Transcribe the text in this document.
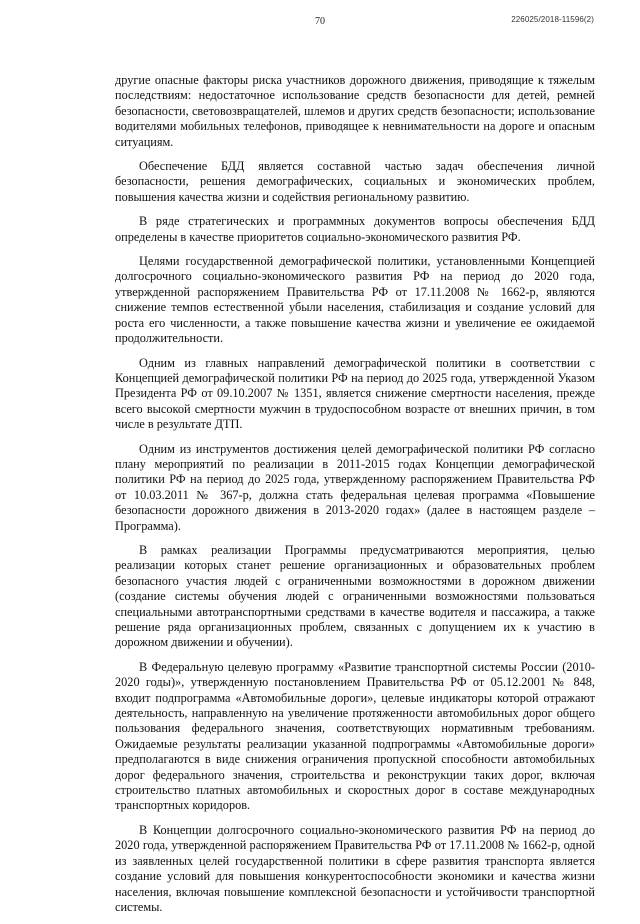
70	226025/2018-11596(2)

другие опасные факторы риска участников дорожного движения, приводящие к тяжелым последствиям: недостаточное использование средств безопасности для детей, ремней безопасности, световозвращателей, шлемов и других средств безопасности; использование водителями мобильных телефонов, приводящее к невнимательности на дороге и опасным ситуациям.

Обеспечение БДД является составной частью задач обеспечения личной безопасности, решения демографических, социальных и экономических проблем, повышения качества жизни и содействия региональному развитию.

В ряде стратегических и программных документов вопросы обеспечения БДД определены в качестве приоритетов социально-экономического развития РФ.

Целями государственной демографической политики, установленными Концепцией долгосрочного социально-экономического развития РФ на период до 2020 года, утвержденной распоряжением Правительства РФ от 17.11.2008 № 1662-р, являются снижение темпов естественной убыли населения, стабилизация и создание условий для роста его численности, а также повышение качества жизни и увеличение ее ожидаемой продолжительности.

Одним из главных направлений демографической политики в соответствии с Концепцией демографической политики РФ на период до 2025 года, утвержденной Указом Президента РФ от 09.10.2007 № 1351, является снижение смертности населения, прежде всего высокой смертности мужчин в трудоспособном возрасте от внешних причин, в том числе в результате ДТП.

Одним из инструментов достижения целей демографической политики РФ согласно плану мероприятий по реализации в 2011-2015 годах Концепции демографической политики РФ на период до 2025 года, утвержденному распоряжением Правительства РФ от 10.03.2011 № 367-р, должна стать федеральная целевая программа «Повышение безопасности дорожного движения в 2013-2020 годах» (далее в настоящем разделе – Программа).

В рамках реализации Программы предусматриваются мероприятия, целью реализации которых станет решение организационных и образовательных проблем безопасного участия людей с ограниченными возможностями в дорожном движении (создание системы обучения людей с ограниченными возможностями пользоваться специальными автотранспортными средствами в качестве водителя и пассажира, а также решение ряда организационных проблем, связанных с допущением их к участию в дорожном движении и обучении).

В Федеральную целевую программу «Развитие транспортной системы России (2010-2020 годы)», утвержденную постановлением Правительства РФ от 05.12.2001 № 848, входит подпрограмма «Автомобильные дороги», целевые индикаторы которой отражают деятельность, направленную на увеличение протяженности автомобильных дорог общего пользования федерального значения, соответствующих нормативным требованиям. Ожидаемые результаты реализации указанной подпрограммы «Автомобильные дороги» предполагаются в виде снижения ограничения пропускной способности автомобильных дорог федерального значения, строительства и реконструкции таких дорог, включая строительство платных автомобильных и скоростных дорог в составе международных транспортных коридоров.

В Концепции долгосрочного социально-экономического развития РФ на период до 2020 года, утвержденной распоряжением Правительства РФ от 17.11.2008 № 1662-р, одной из заявленных целей государственной политики в сфере развития транспорта является создание условий для повышения конкурентоспособности экономики и качества жизни населения, включая повышение комплексной безопасности и устойчивости транспортной системы.
